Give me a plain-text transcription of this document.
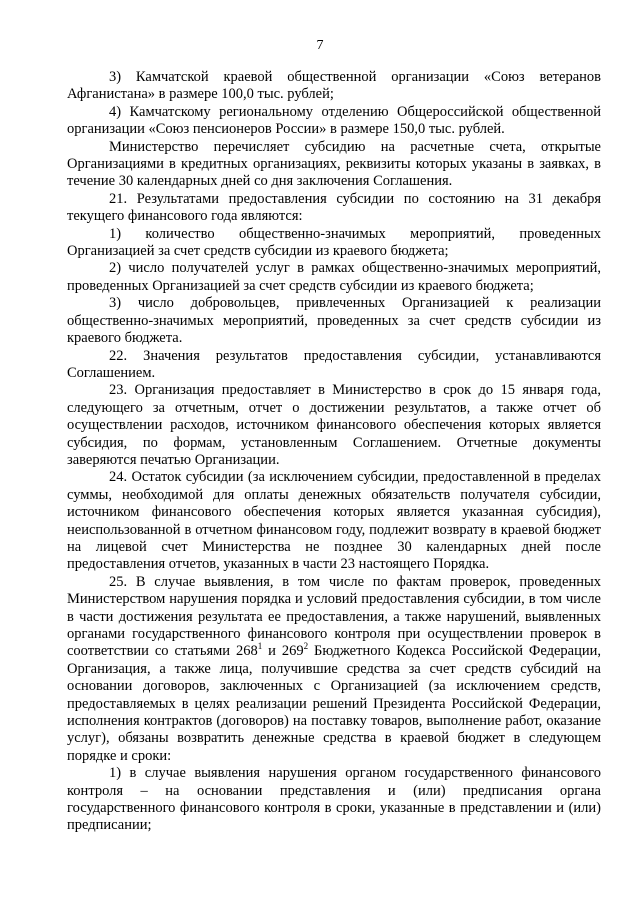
7

3) Камчатской краевой общественной организации «Союз ветеранов Афганистана» в размере 100,0 тыс. рублей;

4) Камчатскому региональному отделению Общероссийской общественной организации «Союз пенсионеров России» в размере 150,0 тыс. рублей.

Министерство перечисляет субсидию на расчетные счета, открытые Организациями в кредитных организациях, реквизиты которых указаны в заявках, в течение 30 календарных дней со дня заключения Соглашения.

21. Результатами предоставления субсидии по состоянию на 31 декабря текущего финансового года являются:

1) количество общественно-значимых мероприятий, проведенных Организацией за счет средств субсидии из краевого бюджета;

2) число получателей услуг в рамках общественно-значимых мероприятий, проведенных Организацией за счет средств субсидии из краевого бюджета;

3) число добровольцев, привлеченных Организацией к реализации общественно-значимых мероприятий, проведенных за счет средств субсидии из краевого бюджета.

22. Значения результатов предоставления субсидии, устанавливаются Соглашением.

23. Организация предоставляет в Министерство в срок до 15 января года, следующего за отчетным, отчет о достижении результатов, а также отчет об осуществлении расходов, источником финансового обеспечения которых является субсидия, по формам, установленным Соглашением. Отчетные документы заверяются печатью Организации.

24. Остаток субсидии (за исключением субсидии, предоставленной в пределах суммы, необходимой для оплаты денежных обязательств получателя субсидии, источником финансового обеспечения которых является указанная субсидия), неиспользованной в отчетном финансовом году, подлежит возврату в краевой бюджет на лицевой счет Министерства не позднее 30 календарных дней после предоставления отчетов, указанных в части 23 настоящего Порядка.

25. В случае выявления, в том числе по фактам проверок, проведенных Министерством нарушения порядка и условий предоставления субсидии, в том числе в части достижения результата ее предоставления, а также нарушений, выявленных органами государственного финансового контроля при осуществлении проверок в соответствии со статьями $268^1$ и $269^2$ Бюджетного Кодекса Российской Федерации, Организация, а также лица, получившие средства за счет средств субсидий на основании договоров, заключенных с Организацией (за исключением средств, предоставляемых в целях реализации решений Президента Российской Федерации, исполнения контрактов (договоров) на поставку товаров, выполнение работ, оказание услуг), обязаны возвратить денежные средства в краевой бюджет в следующем порядке и сроки:

1) в случае выявления нарушения органом государственного финансового контроля – на основании представления и (или) предписания органа государственного финансового контроля в сроки, указанные в представлении и (или) предписании;
